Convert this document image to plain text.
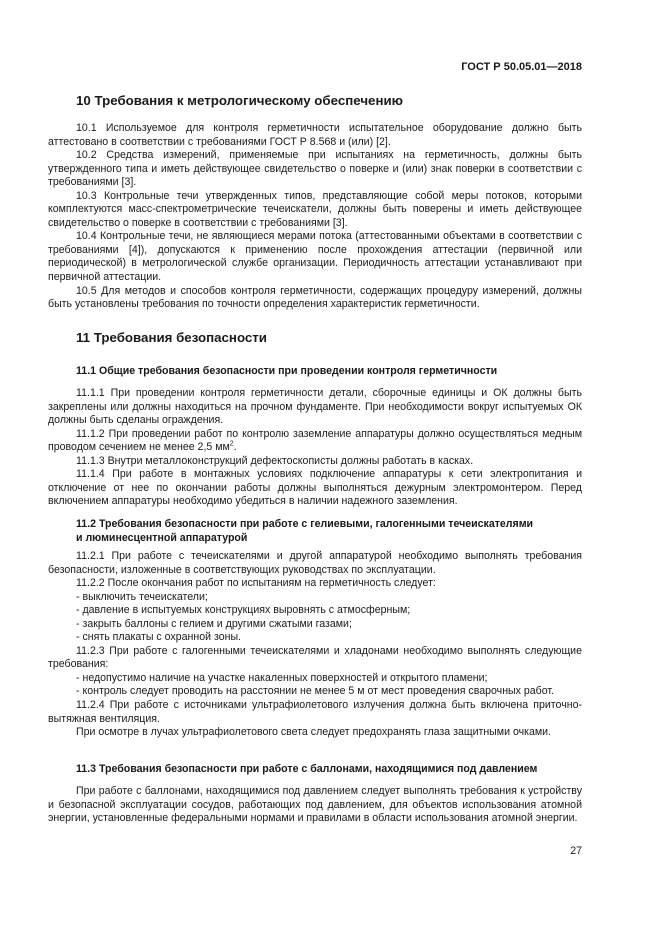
ГОСТ Р 50.05.01—2018
10 Требования к метрологическому обеспечению

10.1 Используемое для контроля герметичности испытательное оборудование должно быть аттестовано в соответствии с требованиями ГОСТ Р 8.568 и (или) [2].

10.2 Средства измерений, применяемые при испытаниях на герметичность, должны быть утвержденного типа и иметь действующее свидетельство о поверке и (или) знак поверки в соответствии с требованиями [3].

10.3 Контрольные течи утвержденных типов, представляющие собой меры потоков, которыми комплектуются масс-спектрометрические течеискатели, должны быть поверены и иметь действующее свидетельство о поверке в соответствии с требованиями [3].

10.4 Контрольные течи, не являющиеся мерами потока (аттестованными объектами в соответствии с требованиями [4]), допускаются к применению после прохождения аттестации (первичной или периодической) в метрологической службе организации. Периодичность аттестации устанавливают при первичной аттестации.

10.5 Для методов и способов контроля герметичности, содержащих процедуру измерений, должны быть установлены требования по точности определения характеристик герметичности.

11 Требования безопасности
11.1 Общие требования безопасности при проведении контроля герметичности

11.1.1 При проведении контроля герметичности детали, сборочные единицы и ОК должны быть закреплены или должны находиться на прочном фундаменте. При необходимости вокруг испытуемых ОК должны быть сделаны ограждения.

11.1.2 При проведении работ по контролю заземление аппаратуры должно осуществляться медным проводом сечением не менее 2,5 $мм^2$.

11.1.3 Внутри металлоконструкций дефектоскописты должны работать в касках.

11.1.4 При работе в монтажных условиях подключение аппаратуры к сети электропитания и отключение от нее по окончании работы должны выполняться дежурным электромонтером. Перед включением аппаратуры необходимо убедиться в наличии надежного заземления.

11.2 Требования безопасности при работе с гелиевыми, галогенными течеискателями
и люминесцентной аппаратурой

11.2.1 При работе с течеискателями и другой аппаратурой необходимо выполнять требования безопасности, изложенные в соответствующих руководствах по эксплуатации.

11.2.2 После окончания работ по испытаниям на герметичность следует:

- выключить течеискатели;

- давление в испытуемых конструкциях выровнять с атмосферным;

- закрыть баллоны с гелием и другими сжатыми газами;

- снять плакаты с охранной зоны.

11.2.3 При работе с галогенными течеискателями и хладонами необходимо выполнять следующие требования:

- недопустимо наличие на участке накаленных поверхностей и открытого пламени;

- контроль следует проводить на расстоянии не менее 5 м от мест проведения сварочных работ.

11.2.4 При работе с источниками ультрафиолетового излучения должна быть включена приточно-вытяжная вентиляция.

При осмотре в лучах ультрафиолетового света следует предохранять глаза защитными очками.

11.3 Требования безопасности при работе с баллонами, находящимися под давлением

При работе с баллонами, находящимися под давлением следует выполнять требования к устройству и безопасной эксплуатации сосудов, работающих под давлением, для объектов использования атомной энергии, установленные федеральными нормами и правилами в области использования атомной энергии.

27
